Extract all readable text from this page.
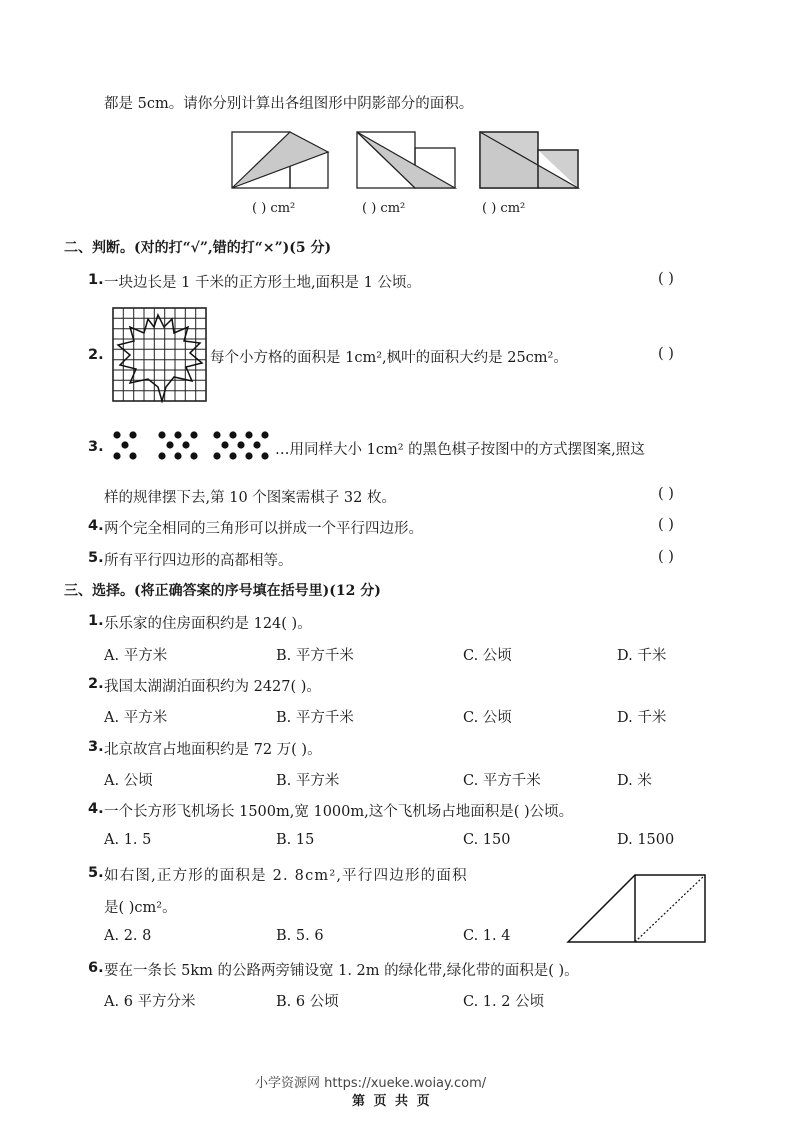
都是 5cm。请你分别计算出各组图形中阴影部分的面积。
( ) cm²	( ) cm²	( ) cm²
二、判断。(对的打“√”,错的打“×”)(5 分)
1. 一块边长是 1 千米的正方形土地,面积是 1 公顷。	( )
2.	每个小方格的面积是 1cm²,枫叶的面积大约是 25cm²。	( )
3.	…用同样大小 1cm² 的黑色棋子按图中的方式摆图案,照这
样的规律摆下去,第 10 个图案需棋子 32 枚。	( )
4. 两个完全相同的三角形可以拼成一个平行四边形。	( )
5. 所有平行四边形的高都相等。	( )
三、选择。(将正确答案的序号填在括号里)(12 分)
1. 乐乐家的住房面积约是 124( )。
A. 平方米	B. 平方千米	C. 公顷	D. 千米
2. 我国太湖湖泊面积约为 2427( )。
A. 平方米	B. 平方千米	C. 公顷	D. 千米
3. 北京故宫占地面积约是 72 万( )。
A. 公顷	B. 平方米	C. 平方千米	D. 米
4. 一个长方形飞机场长 1500m,宽 1000m,这个飞机场占地面积是( )公顷。
A. 1. 5	B. 15	C. 150	D. 1500
5. 如右图,正方形的面积是 2. 8cm²,平行四边形的面积
是( )cm²。
A. 2. 8	B. 5. 6	C. 1. 4
6. 要在一条长 5km 的公路两旁铺设宽 1. 2m 的绿化带,绿化带的面积是( )。
A. 6 平方分米	B. 6 公顷	C. 1. 2 公顷
小学资源网 https://xueke.woiay.com/
第 页 共 页
